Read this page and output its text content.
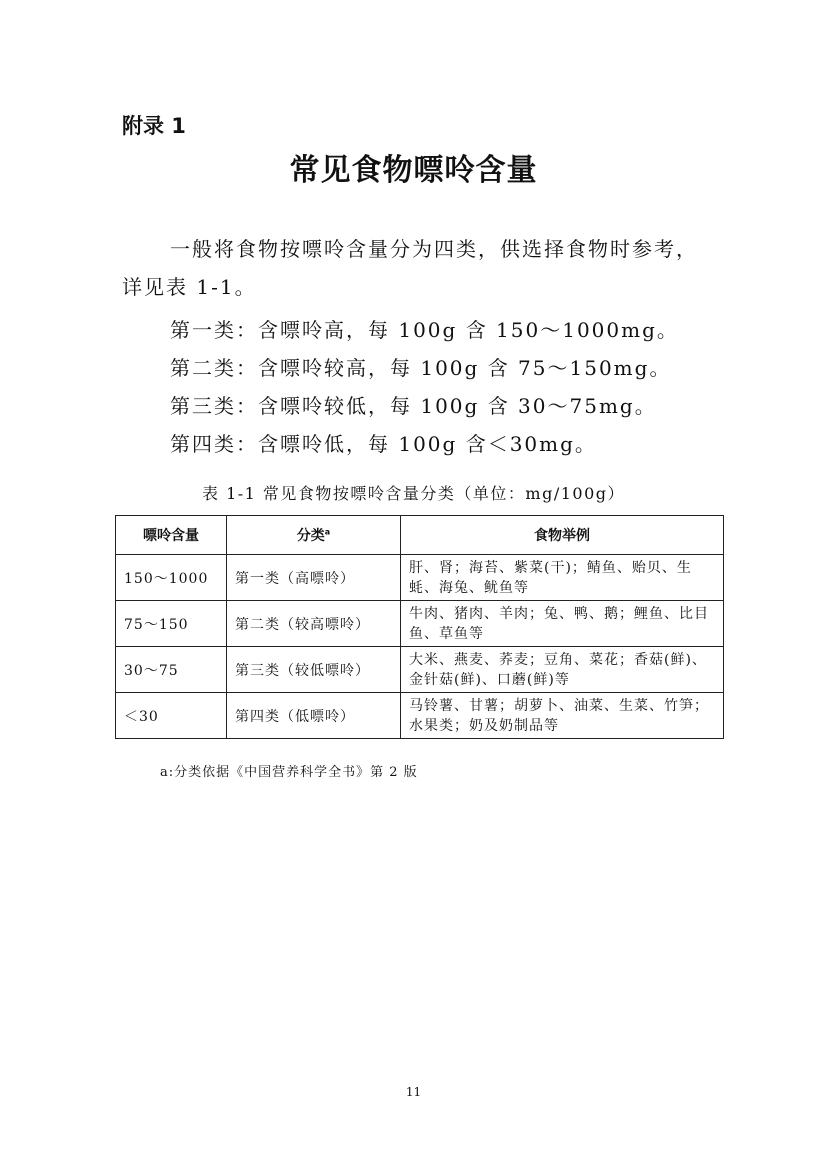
附录 1
常见食物嘌呤含量
一般将食物按嘌呤含量分为四类，供选择食物时参考，详见表 1-1。
第一类：含嘌呤高，每 100g 含 150～1000mg。
第二类：含嘌呤较高，每 100g 含 75～150mg。
第三类：含嘌呤较低，每 100g 含 30～75mg。
第四类：含嘌呤低，每 100g 含＜30mg。
表 1-1 常见食物按嘌呤含量分类（单位：mg/100g）
嘌呤含量	分类$^a$	食物举例
150～1000	第一类（高嘌呤）	肝、肾；海苔、紫菜(干)；鲭鱼、贻贝、生蚝、海兔、鱿鱼等
75～150	第二类（较高嘌呤）	牛肉、猪肉、羊肉；兔、鸭、鹅；鲤鱼、比目鱼、草鱼等
30～75	第三类（较低嘌呤）	大米、燕麦、荞麦；豆角、菜花；香菇(鲜)、金针菇(鲜)、口蘑(鲜)等
＜30	第四类（低嘌呤）	马铃薯、甘薯；胡萝卜、油菜、生菜、竹笋；水果类；奶及奶制品等
a:分类依据《中国营养科学全书》第 2 版
11
